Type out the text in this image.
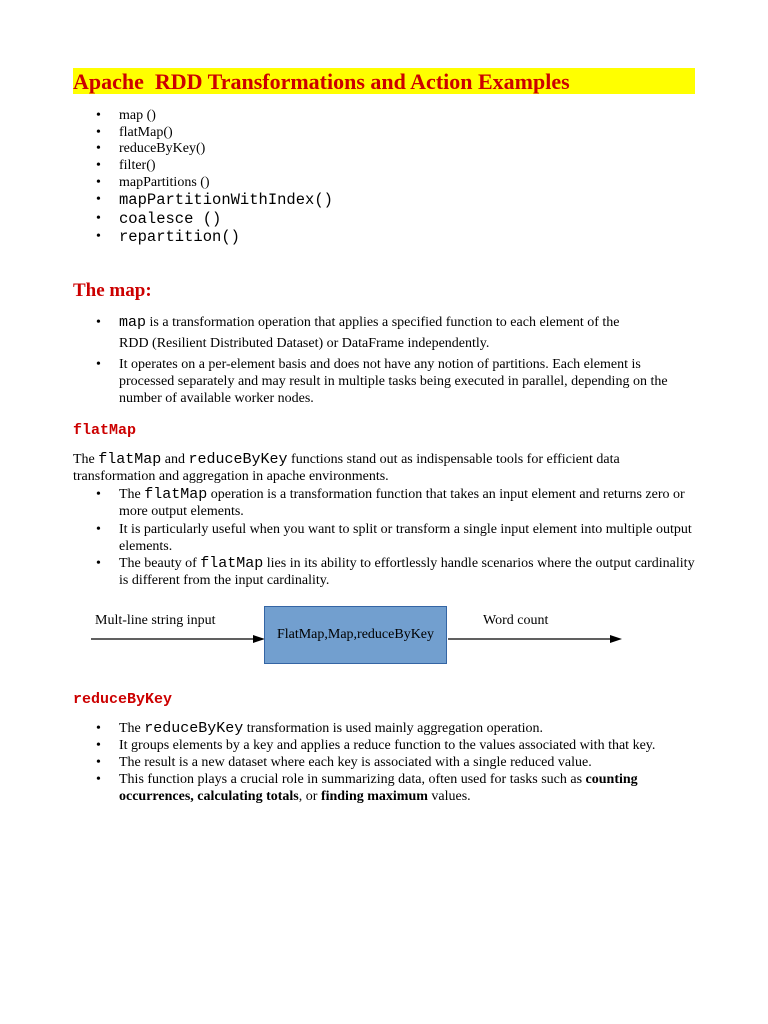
Apache  RDD Transformations and Action Examples
• map ()
• flatMap()
• reduceByKey()
• filter()
• mapPartitions ()
• mapPartitionWithIndex()
• coalesce ()
• repartition()
The map:
• map is a transformation operation that applies a specified function to each element of the
RDD (Resilient Distributed Dataset) or DataFrame independently.
• It operates on a per-element basis and does not have any notion of partitions. Each element is processed separately and may result in multiple tasks being executed in parallel, depending on the number of available worker nodes.
flatMap
The flatMap and reduceByKey functions stand out as indispensable tools for efficient data transformation and aggregation in apache environments.
• The flatMap operation is a transformation function that takes an input element and returns zero or more output elements.
• It is particularly useful when you want to split or transform a single input element into multiple output elements.
• The beauty of flatMap lies in its ability to effortlessly handle scenarios where the output cardinality is different from the input cardinality.
Mult-line string input	Word count
FlatMap,Map,reduceByKey
reduceByKey
• The reduceByKey transformation is used mainly aggregation operation.
• It groups elements by a key and applies a reduce function to the values associated with that key.
• The result is a new dataset where each key is associated with a single reduced value.
• This function plays a crucial role in summarizing data, often used for tasks such as counting occurrences, calculating totals, or finding maximum values.
